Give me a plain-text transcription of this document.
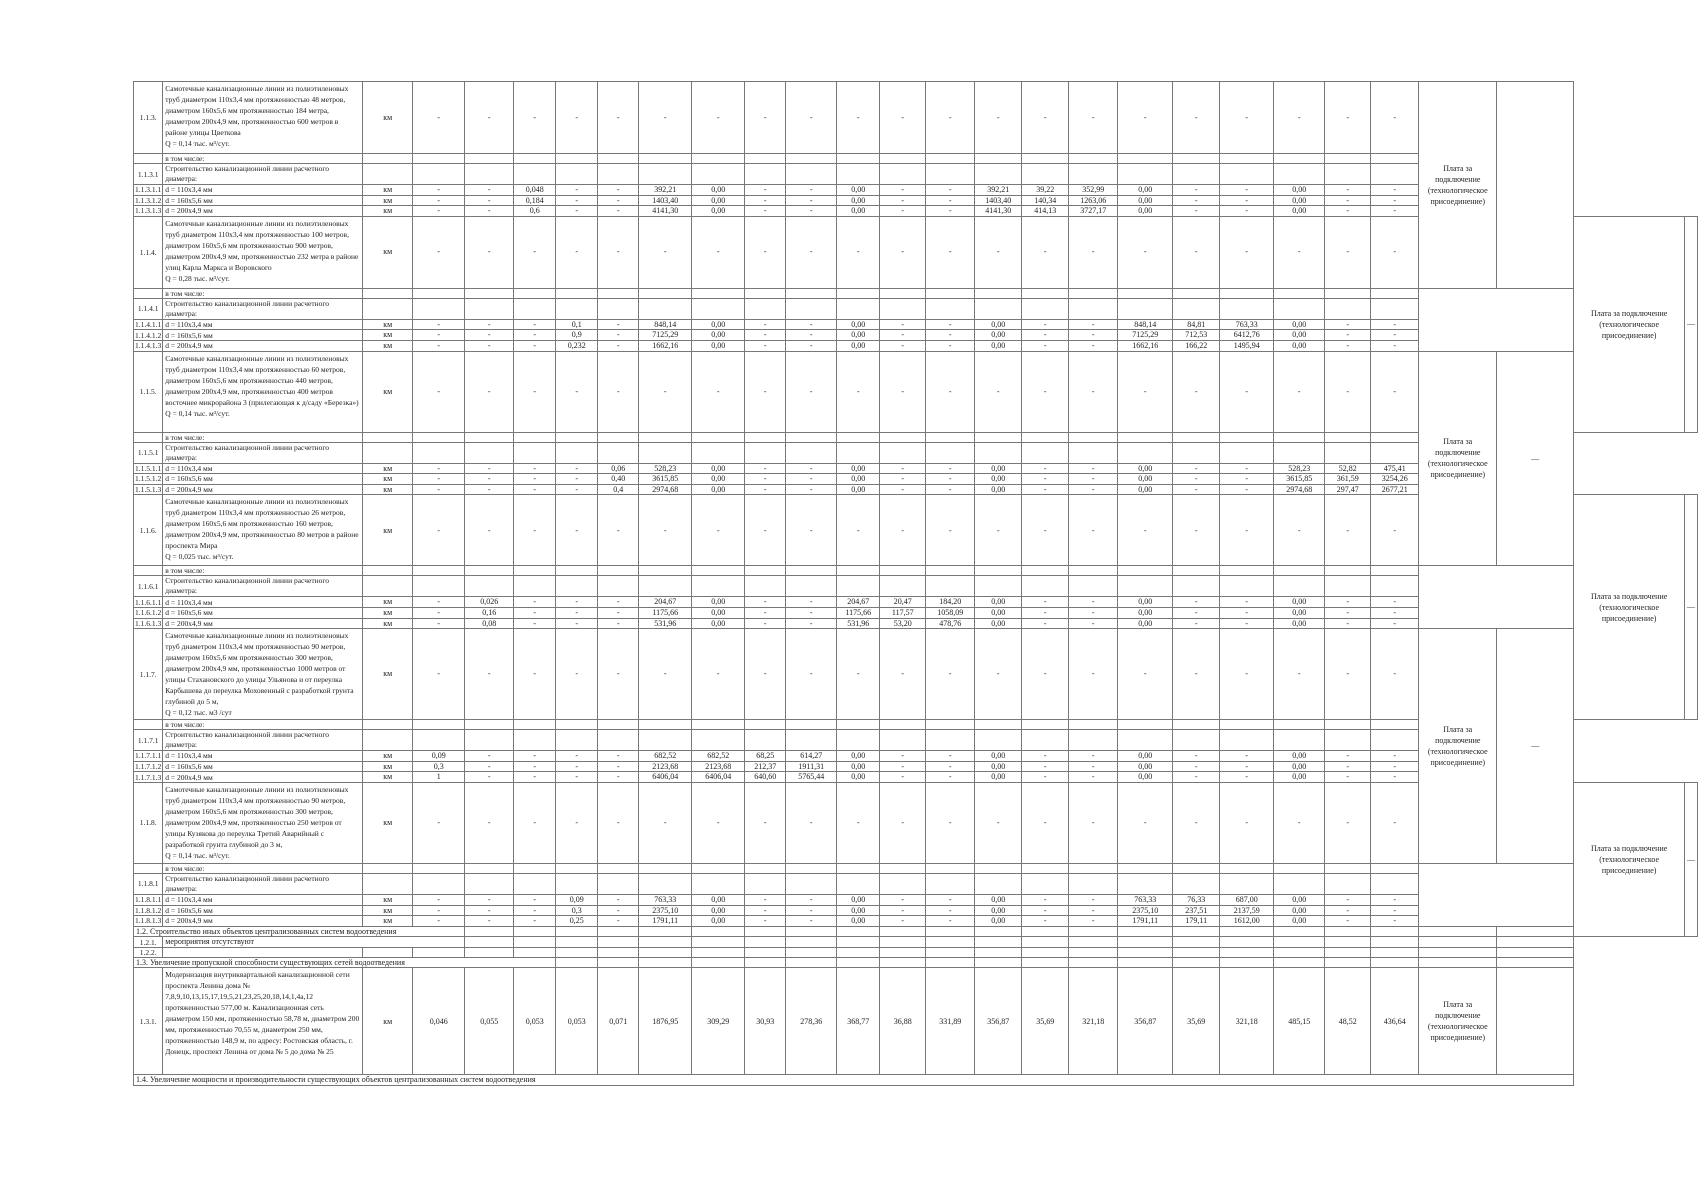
1.1.3.	Самотечные канализационные линии из полиэтиленовых труб диаметром 110х3,4 мм протяженностью 48 метров, диаметром 160х5,6 мм протяженностью 184 метра, диаметром 200х4,9 мм, протяженностью 600 метров в районе улицы Цветкова
Q = 0,14 тыс. м³/сут.	км	-	-	-	-	-	-	-	-	-	-	-	-	-	-	-	-	-	-	-	-	-	Плата за подключение (технологическое присоединение)			
	в том числе:																										
1.1.3.1	Строительство канализационной линии расчетного диаметра:																										
1.1.3.1.1	d = 110х3,4 мм	км	-	-	0,048	-	-	392,21	0,00	-	-	0,00	-	-	392,21	39,22	352,99	0,00	-	-	0,00	-	-				
1.1.3.1.2	d = 160х5,6 мм	км	-	-	0,184	-	-	1403,40	0,00	-	-	0,00	-	-	1403,40	140,34	1263,06	0,00	-	-	0,00	-	-				
1.1.3.1.3	d = 200х4,9 мм	км	-	-	0,6	-	-	4141,30	0,00	-	-	0,00	-	-	4141,30	414,13	3727,17	0,00	-	-	0,00	-	-				
1.1.4.	Самотечные канализационные линии из полиэтиленовых труб диаметром 110х3,4 мм протяженностью 100 метров, диаметром 160х5,6 мм протяженностью 900 метров, диаметром 200х4,9 мм, протяженностью 232 метра в районе улиц Карла Маркса и Воровского
Q = 0,28 тыс. м³/сут.	км	-	-	-	-	-	-	-	-	-	-	-	-	-	-	-	-	-	-	-	-	-			Плата за подключение (технологическое присоединение)	—
	в том числе:																										
1.1.4.1	Строительство канализационной линии расчетного диаметра:																										
1.1.4.1.1	d = 110х3,4 мм	км	-	-	-	0,1	-	848,14	0,00	-	-	0,00	-	-	0,00	-	-	848,14	84,81	763,33	0,00	-	-				
1.1.4.1.2	d = 160х5,6 мм	км	-	-	-	0,9	-	7125,29	0,00	-	-	0,00	-	-	0,00	-	-	7125,29	712,53	6412,76	0,00	-	-				
1.1.4.1.3	d = 200х4,9 мм	км	-	-	-	0,232	-	1662,16	0,00	-	-	0,00	-	-	0,00	-	-	1662,16	166,22	1495,94	0,00	-	-				
1.1.5.	Самотечные канализационные линии из полиэтиленовых труб диаметром 110х3,4 мм протяженностью 60 метров, диаметром 160х5,6 мм протяженностью 440 метров, диаметром 200х4,9 мм, протяженностью 400 метров восточнее микрорайона 3 (прилегающая к д/саду «Березка»)
Q = 0,14 тыс. м³/сут.	км	-	-	-	-	-	-	-	-	-	-	-	-	-	-	-	-	-	-	-	-	-	Плата за подключение (технологическое присоединение)	—		
	в том числе:																										
1.1.5.1	Строительство канализационной линии расчетного диаметра:																										
1.1.5.1.1	d = 110х3,4 мм	км	-	-	-	-	0,06	528,23	0,00	-	-	0,00	-	-	0,00	-	-	0,00	-	-	528,23	52,82	475,41				
1.1.5.1.2	d = 160х5,6 мм	км	-	-	-	-	0,40	3615,85	0,00	-	-	0,00	-	-	0,00	-	-	0,00	-	-	3615,85	361,59	3254,26				
1.1.5.1.3	d = 200х4,9 мм	км	-	-	-	-	0,4	2974,68	0,00	-	-	0,00	-	-	0,00	-	-	0,00	-	-	2974,68	297,47	2677,21				
1.1.6.	Самотечные канализационные линии из полиэтиленовых труб диаметром 110х3,4 мм протяженностью 26 метров, диаметром 160х5,6 мм протяженностью 160 метров, диаметром 200х4,9 мм, протяженностью 80 метров в районе проспекта Мира
Q = 0,025 тыс. м³/сут.	км	-	-	-	-	-	-	-	-	-	-	-	-	-	-	-	-	-	-	-	-	-			Плата за подключение (технологическое присоединение)	—
	в том числе:																										
1.1.6.1	Строительство канализационной линии расчетного диаметра:																										
1.1.6.1.1	d = 110х3,4 мм	км	-	0,026	-	-	-	204,67	0,00	-	-	204,67	20,47	184,20	0,00	-	-	0,00	-	-	0,00	-	-				
1.1.6.1.2	d = 160х5,6 мм	км	-	0,16	-	-	-	1175,66	0,00	-	-	1175,66	117,57	1058,09	0,00	-	-	0,00	-	-	0,00	-	-				
1.1.6.1.3	d = 200х4,9 мм	км	-	0,08	-	-	-	531,96	0,00	-	-	531,96	53,20	478,76	0,00	-	-	0,00	-	-	0,00	-	-				
1.1.7.	Самотечные канализационные линии из полиэтиленовых труб диаметром 110х3,4 мм протяженностью 90 метров, диаметром 160х5,6 мм протяженностью 300 метров, диаметром 200х4,9 мм, протяженностью 1000 метров от улицы Стахановского до улицы Ульянова и от переулка Карбышева до переулка Моховенный с разработкой грунта глубиной до 5 м,
Q = 0,12 тыс. м3 /сут	км	-	-	-	-	-	-	-	-	-	-	-	-	-	-	-	-	-	-	-	-	-	Плата за подключение (технологическое присоединение)	—		
	в том числе:																										
1.1.7.1	Строительство канализационной линии расчетного диаметра:																										
1.1.7.1.1	d = 110х3,4 мм	км	0,09	-	-	-	-	682,52	682,52	68,25	614,27	0,00	-	-	0,00	-	-	0,00	-	-	0,00	-	-				
1.1.7.1.2	d = 160х5,6 мм	км	0,3	-	-	-	-	2123,68	2123,68	212,37	1911,31	0,00	-	-	0,00	-	-	0,00	-	-	0,00	-	-				
1.1.7.1.3	d = 200х4,9 мм	км	1	-	-	-	-	6406,04	6406,04	640,60	5765,44	0,00	-	-	0,00	-	-	0,00	-	-	0,00	-	-				
1.1.8.	Самотечные канализационные линии из полиэтиленовых труб диаметром 110х3,4 мм протяженностью 90 метров, диаметром 160х5,6 мм протяженностью 300 метров, диаметром 200х4,9 мм, протяженностью 250 метров от улицы Кузякова до переулка Третий Аварийный с разработкой грунта глубиной до 3 м,
Q = 0,14 тыс. м³/сут.	км	-	-	-	-	-	-	-	-	-	-	-	-	-	-	-	-	-	-	-	-	-			Плата за подключение (технологическое присоединение)	—
	в том числе:																										
1.1.8.1	Строительство канализационной линии расчетного диаметра:																										
1.1.8.1.1	d = 110х3,4 мм	км	-	-	-	0,09	-	763,33	0,00	-	-	0,00	-	-	0,00	-	-	763,33	76,33	687,00	0,00	-	-				
1.1.8.1.2	d = 160х5,6 мм	км	-	-	-	0,3	-	2375,10	0,00	-	-	0,00	-	-	0,00	-	-	2375,10	237,51	2137,59	0,00	-	-				
1.1.8.1.3	d = 200х4,9 мм	км	-	-	-	0,25	-	1791,11	0,00	-	-	0,00	-	-	0,00	-	-	1791,11	179,11	1612,00	0,00	-	-				
1.2. Строительство иных объектов централизованных систем водоотведения																											
1.2.1.	мероприятия отсутствуют																										
1.2.2.																											
1.3. Увеличение пропускной способности существующих сетей водоотведения																											
1.3.1.	Модернизация внутриквартальной канализационной сети проспекта Ленина дома № 7,8,9,10,13,15,17,19,5,21,23,25,20,18,14,1,4а,12 протяженностью 577,00 м. Канализационная сеть диаметром 150 мм, протяженностью 58,78 м, диаметром 200 мм, протяженностью 70,55 м, диаметром 250 мм, протяженностью 148,9 м, по адресу: Ростовская область, г. Донецк, проспект Ленина от дома № 5 до дома № 25	км	0,046	0,055	0,053	0,053	0,071	1876,95	309,29	30,93	278,36	368,77	36,88	331,89	356,87	35,69	321,18	356,87	35,69	321,18	485,15	48,52	436,64	Плата за подключение (технологическое присоединение)			
1.4. Увеличение мощности и производительности существующих объектов централизованных систем водоотведения																											
